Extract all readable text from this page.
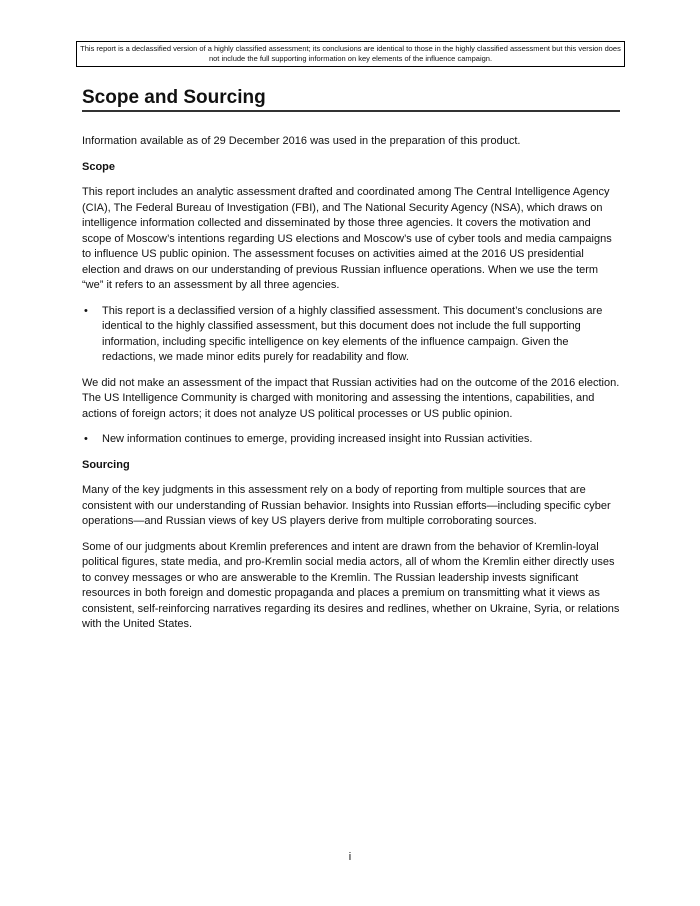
This report is a declassified version of a highly classified assessment; its conclusions are identical to those in the highly classified assessment but this version does not include the full supporting information on key elements of the influence campaign.
Scope and Sourcing

Information available as of 29 December 2016 was used in the preparation of this product.

Scope

This report includes an analytic assessment drafted and coordinated among The Central Intelligence Agency (CIA), The Federal Bureau of Investigation (FBI), and The National Security Agency (NSA), which draws on intelligence information collected and disseminated by those three agencies. It covers the motivation and scope of Moscow’s intentions regarding US elections and Moscow’s use of cyber tools and media campaigns to influence US public opinion. The assessment focuses on activities aimed at the 2016 US presidential election and draws on our understanding of previous Russian influence operations. When we use the term “we” it refers to an assessment by all three agencies.

• This report is a declassified version of a highly classified assessment. This document’s conclusions are identical to the highly classified assessment, but this document does not include the full supporting information, including specific intelligence on key elements of the influence campaign. Given the redactions, we made minor edits purely for readability and flow.

We did not make an assessment of the impact that Russian activities had on the outcome of the 2016 election. The US Intelligence Community is charged with monitoring and assessing the intentions, capabilities, and actions of foreign actors; it does not analyze US political processes or US public opinion.

• New information continues to emerge, providing increased insight into Russian activities.

Sourcing

Many of the key judgments in this assessment rely on a body of reporting from multiple sources that are consistent with our understanding of Russian behavior. Insights into Russian efforts—including specific cyber operations—and Russian views of key US players derive from multiple corroborating sources.

Some of our judgments about Kremlin preferences and intent are drawn from the behavior of Kremlin-loyal political figures, state media, and pro-Kremlin social media actors, all of whom the Kremlin either directly uses to convey messages or who are answerable to the Kremlin. The Russian leadership invests significant resources in both foreign and domestic propaganda and places a premium on transmitting what it views as consistent, self-reinforcing narratives regarding its desires and redlines, whether on Ukraine, Syria, or relations with the United States.

i
